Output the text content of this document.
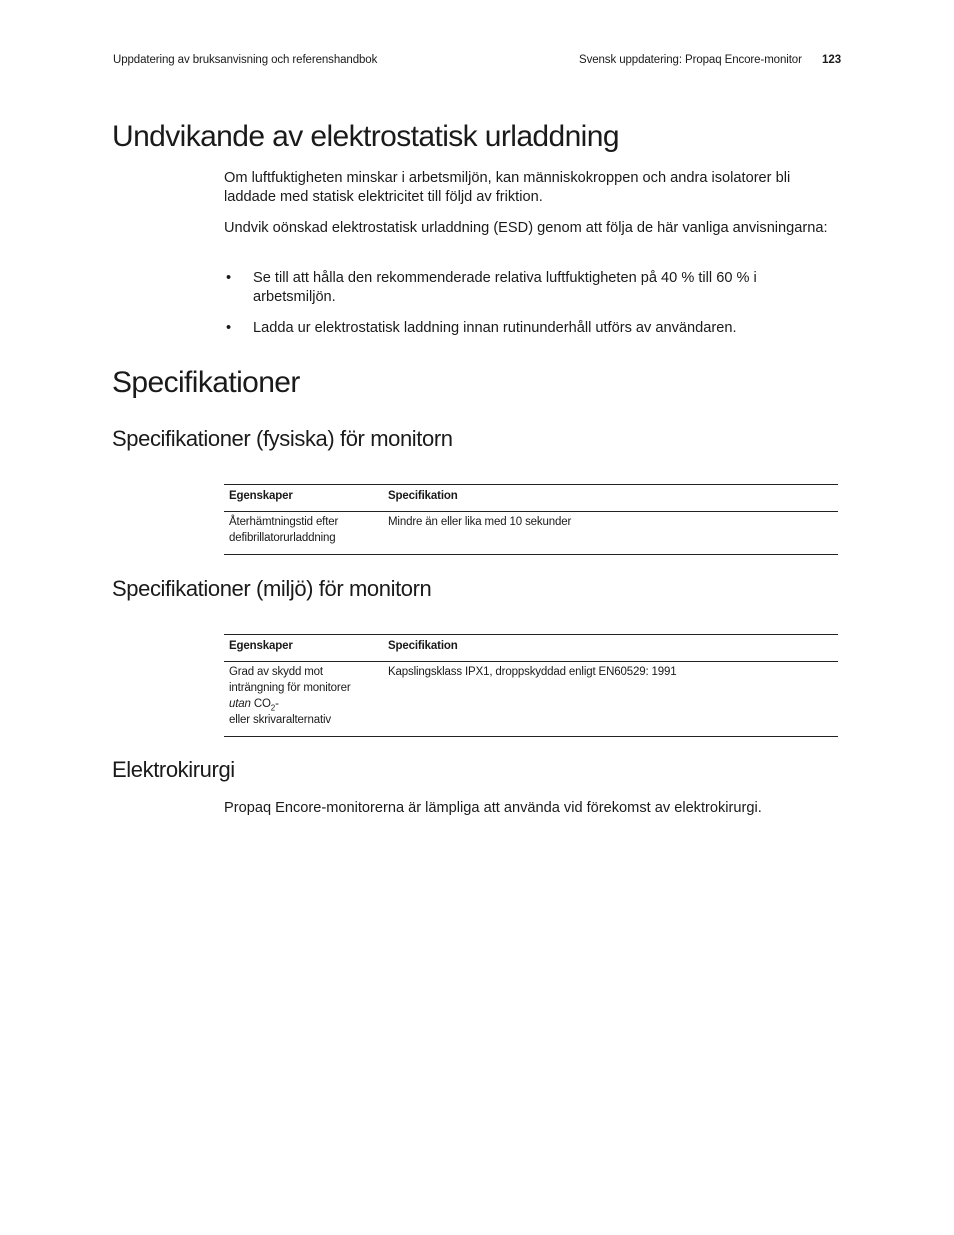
Uppdatering av bruksanvisning och referenshandbok	Svensk uppdatering: Propaq Encore-monitor 123
Undvikande av elektrostatisk urladdning

Om luftfuktigheten minskar i arbetsmiljön, kan människokroppen och andra isolatorer bli laddade med statisk elektricitet till följd av friktion.

Undvik oönskad elektrostatisk urladdning (ESD) genom att följa de här vanliga anvisningarna:

• Se till att hålla den rekommenderade relativa luftfuktigheten på 40 % till 60 % i arbetsmiljön.

• Ladda ur elektrostatisk laddning innan rutinunderhåll utförs av användaren.

Specifikationer
Specifikationer (fysiska) för monitorn
Egenskaper	Specifikation
Återhämtningstid efter defibrillatorurladdning	Mindre än eller lika med 10 sekunder
Specifikationer (miljö) för monitorn
Egenskaper	Specifikation
Grad av skydd mot
inträngning för monitorer
utan $CO_2-$
eller skrivaralternativ	Kapslingsklass IPX1, droppskyddad enligt EN60529: 1991
Elektrokirurgi

Propaq Encore-monitorerna är lämpliga att använda vid förekomst av elektrokirurgi.
